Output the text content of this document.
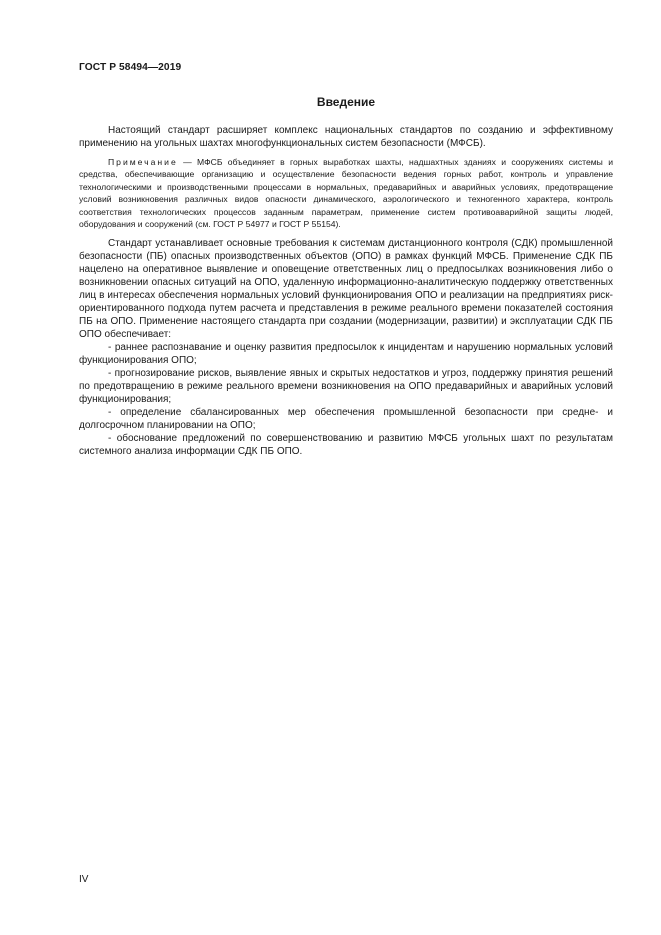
ГОСТ Р 58494—2019
Введение

Настоящий стандарт расширяет комплекс национальных стандартов по созданию и эффективному применению на угольных шахтах многофункциональных систем безопасности (МФСБ).

Примечание — МФСБ объединяет в горных выработках шахты, надшахтных зданиях и сооружениях системы и средства, обеспечивающие организацию и осуществление безопасности ведения горных работ, контроль и управление технологическими и производственными процессами в нормальных, предаварийных и аварийных условиях, предотвращение условий возникновения различных видов опасности динамического, аэрологического и техногенного характера, контроль соответствия технологических процессов заданным параметрам, применение систем противоаварийной защиты людей, оборудования и сооружений (см. ГОСТ Р 54977 и ГОСТ Р 55154).

Стандарт устанавливает основные требования к системам дистанционного контроля (СДК) промышленной безопасности (ПБ) опасных производственных объектов (ОПО) в рамках функций МФСБ. Применение СДК ПБ нацелено на оперативное выявление и оповещение ответственных лиц о предпосылках возникновения либо о возникновении опасных ситуаций на ОПО, удаленную информационно-аналитическую поддержку ответственных лиц в интересах обеспечения нормальных условий функционирования ОПО и реализации на предприятиях риск-ориентированного подхода путем расчета и представления в режиме реального времени показателей состояния ПБ на ОПО. Применение настоящего стандарта при создании (модернизации, развитии) и эксплуатации СДК ПБ ОПО обеспечивает:

- раннее распознавание и оценку развития предпосылок к инцидентам и нарушению нормальных условий функционирования ОПО;

- прогнозирование рисков, выявление явных и скрытых недостатков и угроз, поддержку принятия решений по предотвращению в режиме реального времени возникновения на ОПО предаварийных и аварийных условий функционирования;

- определение сбалансированных мер обеспечения промышленной безопасности при средне- и долгосрочном планировании на ОПО;

- обоснование предложений по совершенствованию и развитию МФСБ угольных шахт по результатам системного анализа информации СДК ПБ ОПО.

IV
